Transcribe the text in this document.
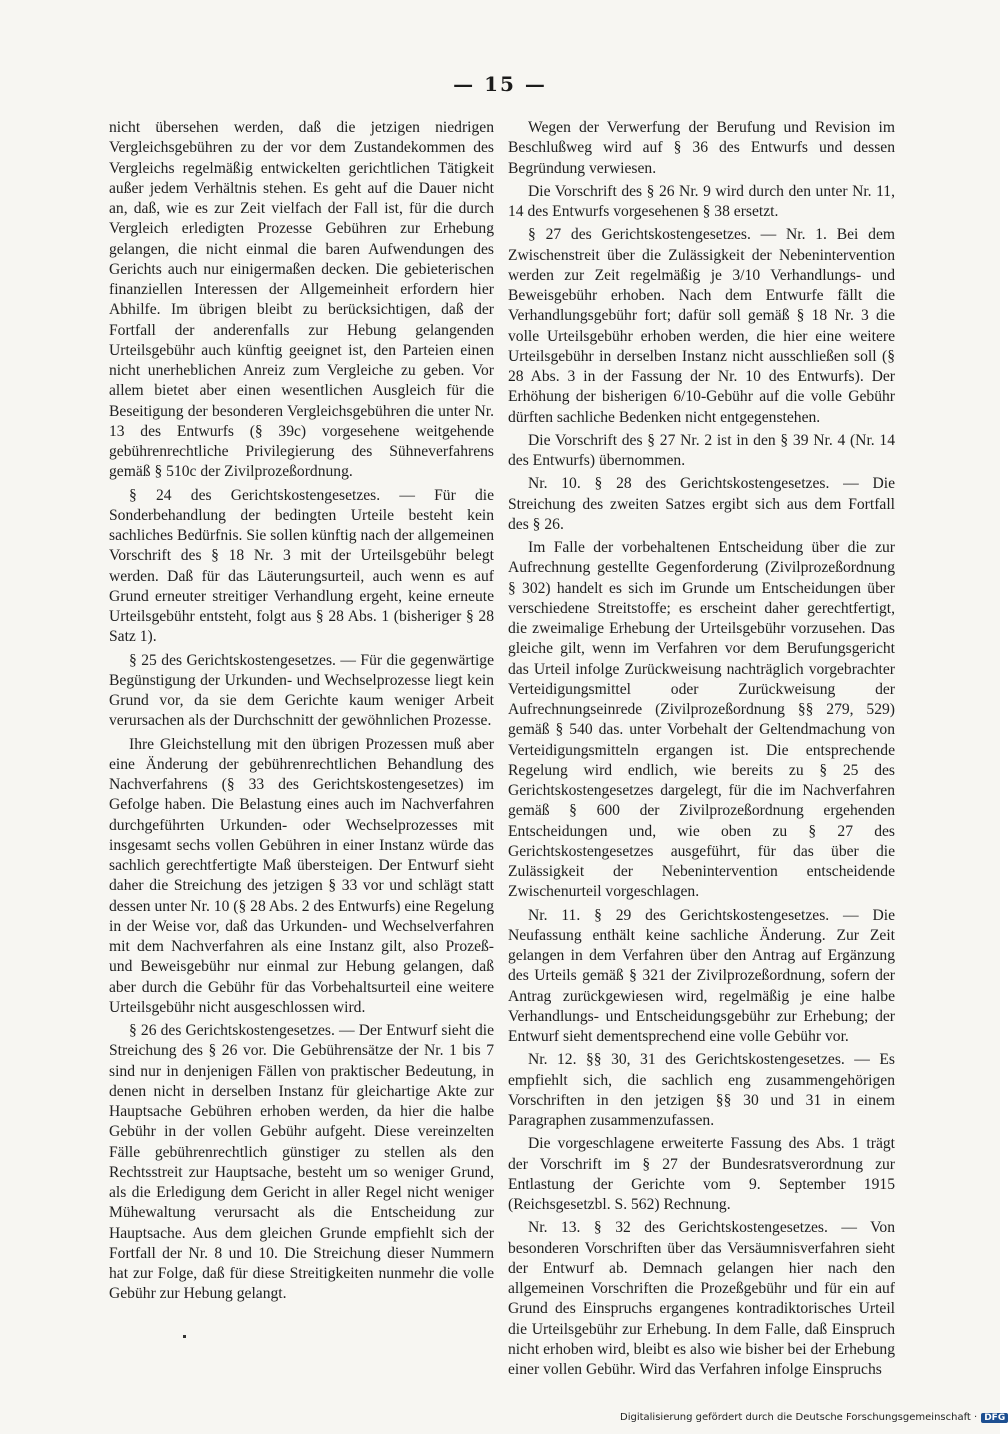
— 15 —

nicht übersehen werden, daß die jetzigen niedrigen Vergleichsgebühren zu der vor dem Zustandekommen des Vergleichs regelmäßig entwickelten gerichtlichen Tätigkeit außer jedem Verhältnis stehen. Es geht auf die Dauer nicht an, daß, wie es zur Zeit vielfach der Fall ist, für die durch Vergleich erledigten Prozesse Gebühren zur Erhebung gelangen, die nicht einmal die baren Aufwendungen des Gerichts auch nur einigermaßen decken. Die gebieterischen finanziellen Interessen der Allgemeinheit erfordern hier Abhilfe. Im übrigen bleibt zu berücksichtigen, daß der Fortfall der anderenfalls zur Hebung gelangenden Urteilsgebühr auch künftig geeignet ist, den Parteien einen nicht unerheblichen Anreiz zum Vergleiche zu geben. Vor allem bietet aber einen wesentlichen Ausgleich für die Beseitigung der besonderen Vergleichsgebühren die unter Nr. 13 des Entwurfs (§ 39c) vorgesehene weitgehende gebührenrechtliche Privilegierung des Sühneverfahrens gemäß § 510c der Zivilprozeßordnung.

§ 24 des Gerichtskostengesetzes. — Für die Sonderbehandlung der bedingten Urteile besteht kein sachliches Bedürfnis. Sie sollen künftig nach der allgemeinen Vorschrift des § 18 Nr. 3 mit der Urteilsgebühr belegt werden. Daß für das Läuterungsurteil, auch wenn es auf Grund erneuter streitiger Verhandlung ergeht, keine erneute Urteilsgebühr entsteht, folgt aus § 28 Abs. 1 (bisheriger § 28 Satz 1).

§ 25 des Gerichtskostengesetzes. — Für die gegenwärtige Begünstigung der Urkunden- und Wechselprozesse liegt kein Grund vor, da sie dem Gerichte kaum weniger Arbeit verursachen als der Durchschnitt der gewöhnlichen Prozesse.

Ihre Gleichstellung mit den übrigen Prozessen muß aber eine Änderung der gebührenrechtlichen Behandlung des Nachverfahrens (§ 33 des Gerichtskostengesetzes) im Gefolge haben. Die Belastung eines auch im Nachverfahren durchgeführten Urkunden- oder Wechselprozesses mit insgesamt sechs vollen Gebühren in einer Instanz würde das sachlich gerechtfertigte Maß übersteigen. Der Entwurf sieht daher die Streichung des jetzigen § 33 vor und schlägt statt dessen unter Nr. 10 (§ 28 Abs. 2 des Entwurfs) eine Regelung in der Weise vor, daß das Urkunden- und Wechselverfahren mit dem Nachverfahren als eine Instanz gilt, also Prozeß- und Beweisgebühr nur einmal zur Hebung gelangen, daß aber durch die Gebühr für das Vorbehaltsurteil eine weitere Urteilsgebühr nicht ausgeschlossen wird.

§ 26 des Gerichtskostengesetzes. — Der Entwurf sieht die Streichung des § 26 vor. Die Gebührensätze der Nr. 1 bis 7 sind nur in denjenigen Fällen von praktischer Bedeutung, in denen nicht in derselben Instanz für gleichartige Akte zur Hauptsache Gebühren erhoben werden, da hier die halbe Gebühr in der vollen Gebühr aufgeht. Diese vereinzelten Fälle gebührenrechtlich günstiger zu stellen als den Rechtsstreit zur Hauptsache, besteht um so weniger Grund, als die Erledigung dem Gericht in aller Regel nicht weniger Mühewaltung verursacht als die Entscheidung zur Hauptsache. Aus dem gleichen Grunde empfiehlt sich der Fortfall der Nr. 8 und 10. Die Streichung dieser Nummern hat zur Folge, daß für diese Streitigkeiten nunmehr die volle Gebühr zur Hebung gelangt.

Wegen der Verwerfung der Berufung und Revision im Beschlußweg wird auf § 36 des Entwurfs und dessen Begründung verwiesen.

Die Vorschrift des § 26 Nr. 9 wird durch den unter Nr. 11, 14 des Entwurfs vorgesehenen § 38 ersetzt.

§ 27 des Gerichtskostengesetzes. — Nr. 1. Bei dem Zwischenstreit über die Zulässigkeit der Nebenintervention werden zur Zeit regelmäßig je 3/10 Verhandlungs- und Beweisgebühr erhoben. Nach dem Entwurfe fällt die Verhandlungsgebühr fort; dafür soll gemäß § 18 Nr. 3 die volle Urteilsgebühr erhoben werden, die hier eine weitere Urteilsgebühr in derselben Instanz nicht ausschließen soll (§ 28 Abs. 3 in der Fassung der Nr. 10 des Entwurfs). Der Erhöhung der bisherigen 6/10-Gebühr auf die volle Gebühr dürften sachliche Bedenken nicht entgegenstehen.

Die Vorschrift des § 27 Nr. 2 ist in den § 39 Nr. 4 (Nr. 14 des Entwurfs) übernommen.

Nr. 10. § 28 des Gerichtskostengesetzes. — Die Streichung des zweiten Satzes ergibt sich aus dem Fortfall des § 26.

Im Falle der vorbehaltenen Entscheidung über die zur Aufrechnung gestellte Gegenforderung (Zivilprozeßordnung § 302) handelt es sich im Grunde um Entscheidungen über verschiedene Streitstoffe; es erscheint daher gerechtfertigt, die zweimalige Erhebung der Urteilsgebühr vorzusehen. Das gleiche gilt, wenn im Verfahren vor dem Berufungsgericht das Urteil infolge Zurückweisung nachträglich vorgebrachter Verteidigungsmittel oder Zurückweisung der Aufrechnungseinrede (Zivilprozeßordnung §§ 279, 529) gemäß § 540 das. unter Vorbehalt der Geltendmachung von Verteidigungsmitteln ergangen ist. Die entsprechende Regelung wird endlich, wie bereits zu § 25 des Gerichtskostengesetzes dargelegt, für die im Nachverfahren gemäß § 600 der Zivilprozeßordnung ergehenden Entscheidungen und, wie oben zu § 27 des Gerichtskostengesetzes ausgeführt, für das über die Zulässigkeit der Nebenintervention entscheidende Zwischenurteil vorgeschlagen.

Nr. 11. § 29 des Gerichtskostengesetzes. — Die Neufassung enthält keine sachliche Änderung. Zur Zeit gelangen in dem Verfahren über den Antrag auf Ergänzung des Urteils gemäß § 321 der Zivilprozeßordnung, sofern der Antrag zurückgewiesen wird, regelmäßig je eine halbe Verhandlungs- und Entscheidungsgebühr zur Erhebung; der Entwurf sieht dementsprechend eine volle Gebühr vor.

Nr. 12. §§ 30, 31 des Gerichtskostengesetzes. — Es empfiehlt sich, die sachlich eng zusammengehörigen Vorschriften in den jetzigen §§ 30 und 31 in einem Paragraphen zusammenzufassen.

Die vorgeschlagene erweiterte Fassung des Abs. 1 trägt der Vorschrift im § 27 der Bundesratsverordnung zur Entlastung der Gerichte vom 9. September 1915 (Reichsgesetzbl. S. 562) Rechnung.

Nr. 13. § 32 des Gerichtskostengesetzes. — Von besonderen Vorschriften über das Versäumnisverfahren sieht der Entwurf ab. Demnach gelangen hier nach den allgemeinen Vorschriften die Prozeßgebühr und für ein auf Grund des Einspruchs ergangenes kontradiktorisches Urteil die Urteilsgebühr zur Erhebung. In dem Falle, daß Einspruch nicht erhoben wird, bleibt es also wie bisher bei der Erhebung einer vollen Gebühr. Wird das Verfahren infolge Einspruchs

Digitalisierung gefördert durch die Deutsche Forschungsgemeinschaft · DFG
